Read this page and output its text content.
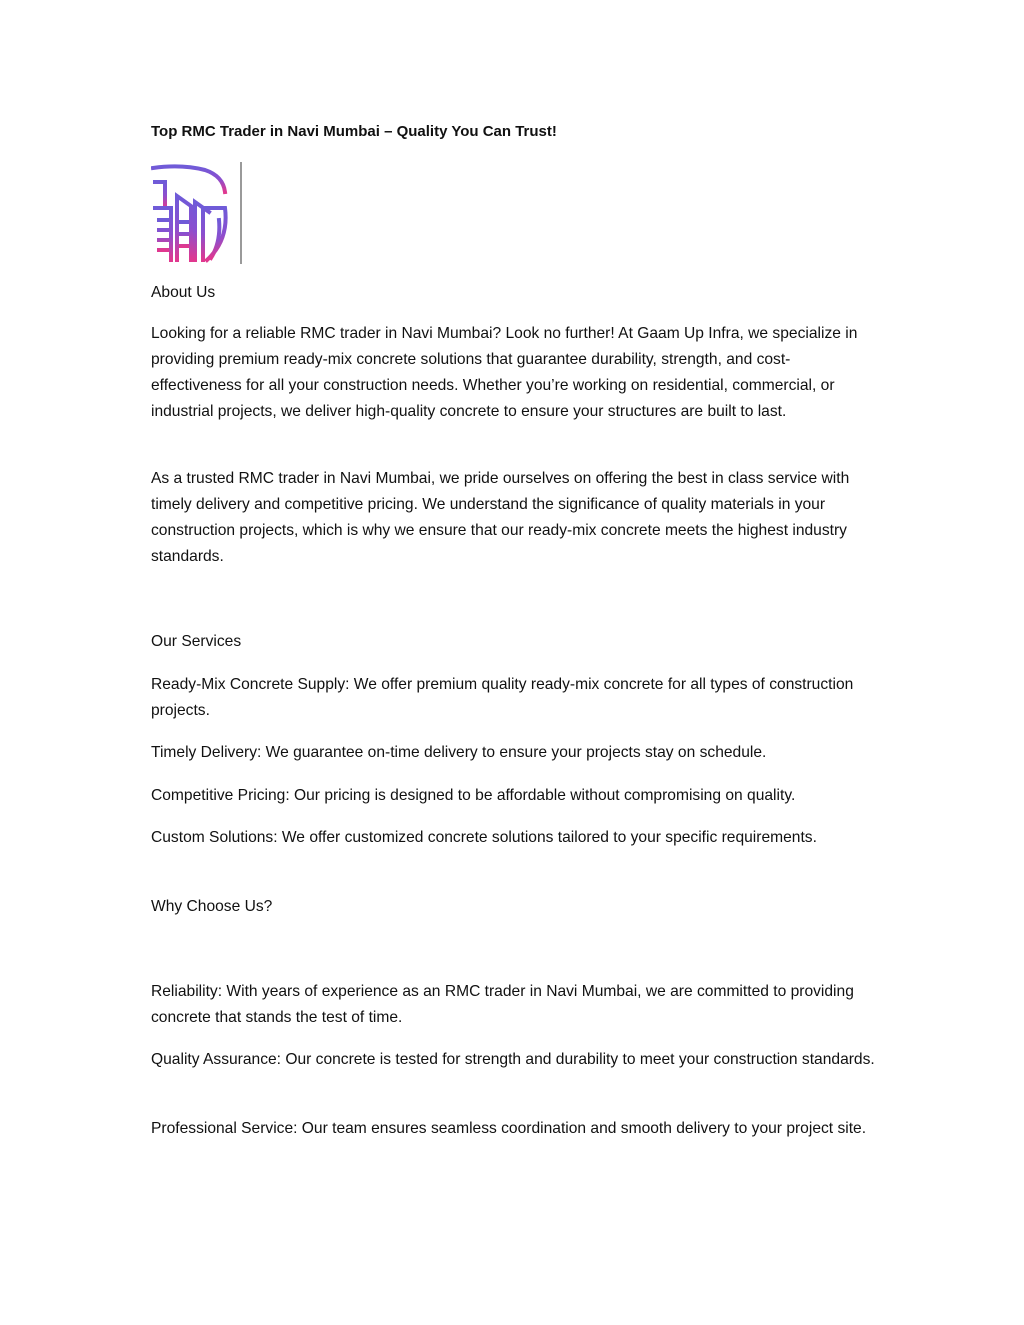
Top RMC Trader in Navi Mumbai – Quality You Can Trust!
About Us
Looking for a reliable RMC trader in Navi Mumbai? Look no further! At Gaam Up Infra, we specialize in providing premium ready-mix concrete solutions that guarantee durability, strength, and cost-effectiveness for all your construction needs. Whether you’re working on residential, commercial, or industrial projects, we deliver high-quality concrete to ensure your structures are built to last.
As a trusted RMC trader in Navi Mumbai, we pride ourselves on offering the best in class service with timely delivery and competitive pricing. We understand the significance of quality materials in your construction projects, which is why we ensure that our ready-mix concrete meets the highest industry standards.
Our Services
Ready-Mix Concrete Supply: We offer premium quality ready-mix concrete for all types of construction projects.
Timely Delivery: We guarantee on-time delivery to ensure your projects stay on schedule.
Competitive Pricing: Our pricing is designed to be affordable without compromising on quality.
Custom Solutions: We offer customized concrete solutions tailored to your specific requirements.
Why Choose Us?
Reliability: With years of experience as an RMC trader in Navi Mumbai, we are committed to providing concrete that stands the test of time.
Quality Assurance: Our concrete is tested for strength and durability to meet your construction standards.
Professional Service: Our team ensures seamless coordination and smooth delivery to your project site.
